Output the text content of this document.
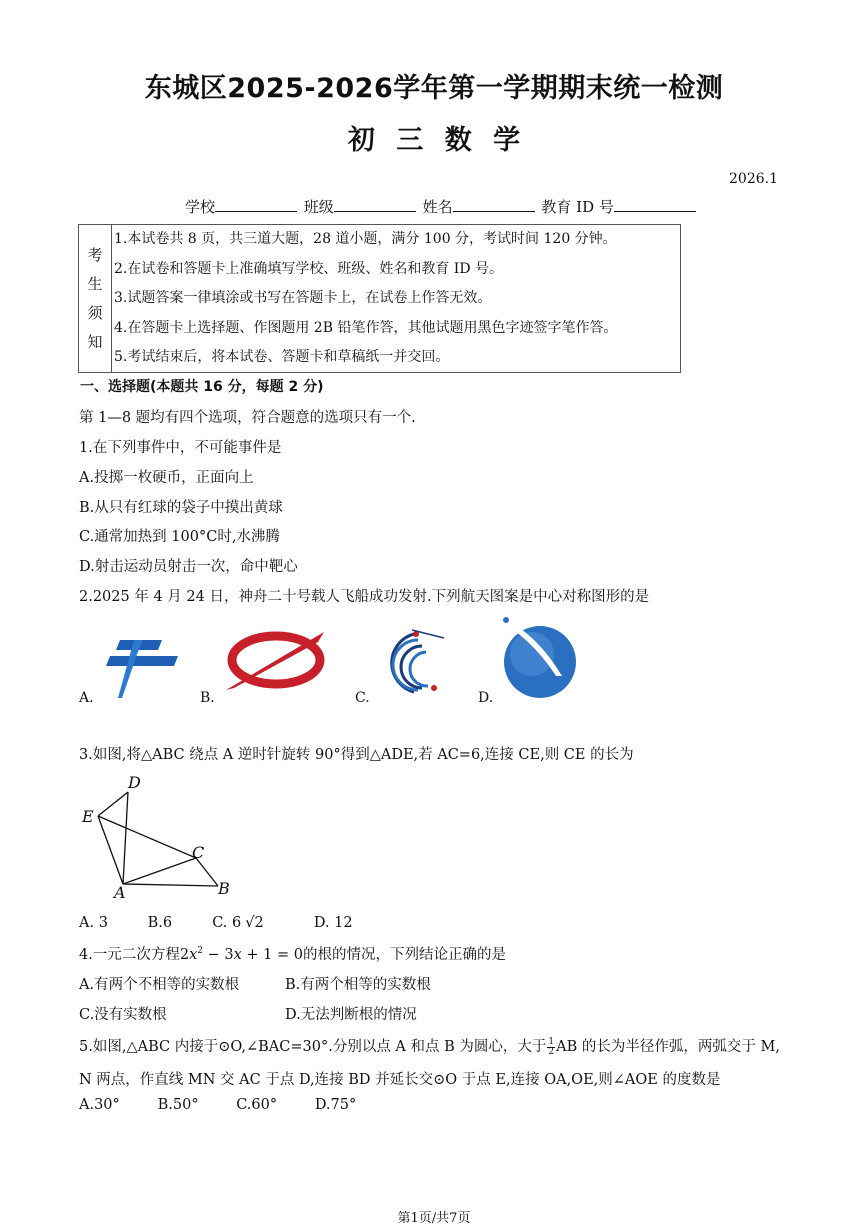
东城区2025-2026学年第一学期期末统一检测
初 三 数 学
2026.1
学校	班级	姓名	教育 ID 号
考
生
须
知
1.本试卷共 8 页，共三道大题，28 道小题，满分 100 分，考试时间 120 分钟。
2.在试卷和答题卡上准确填写学校、班级、姓名和教育 ID 号。
3.试题答案一律填涂或书写在答题卡上，在试卷上作答无效。
4.在答题卡上选择题、作图题用 2B 铅笔作答，其他试题用黑色字迹签字笔作答。
5.考试结束后，将本试卷、答题卡和草稿纸一并交回。
一、选择题(本题共 16 分，每题 2 分)
第 1—8 题均有四个选项，符合题意的选项只有一个.
1.在下列事件中，不可能事件是
A.投掷一枚硬币，正面向上
B.从只有红球的袋子中摸出黄球
C.通常加热到 100°C时,水沸腾
D.射击运动员射击一次，命中靶心
2.2025 年 4 月 24 日，神舟二十号载人飞船成功发射.下列航天图案是中心对称图形的是
A.	B.	C.	D.
3.如图,将△ABC 绕点 A 逆时针旋转 90°得到△ADE,若 AC=6,连接 CE,则 CE 的长为
D
E
C
A	B
A. 3	B.6	C. 6 √2	D. 12
4.一元二次方程$2x^2 - 3x + 1 = 0$的根的情况，下列结论正确的是
A.有两个不相等的实数根	B.有两个相等的实数根
C.没有实数根	D.无法判断根的情况
5.如图,△ABC 内接于⊙O,∠BAC=30°.分别以点 A 和点 B 为圆心，大于 $\frac{1}{2}$ AB 的长为半径作弧，两弧交于 M,
N 两点，作直线 MN 交 AC 于点 D,连接 BD 并延长交⊙O 于点 E,连接 OA,OE,则∠AOE 的度数是
A.30°	B.50°	C.60°	D.75°
第1页/共7页
